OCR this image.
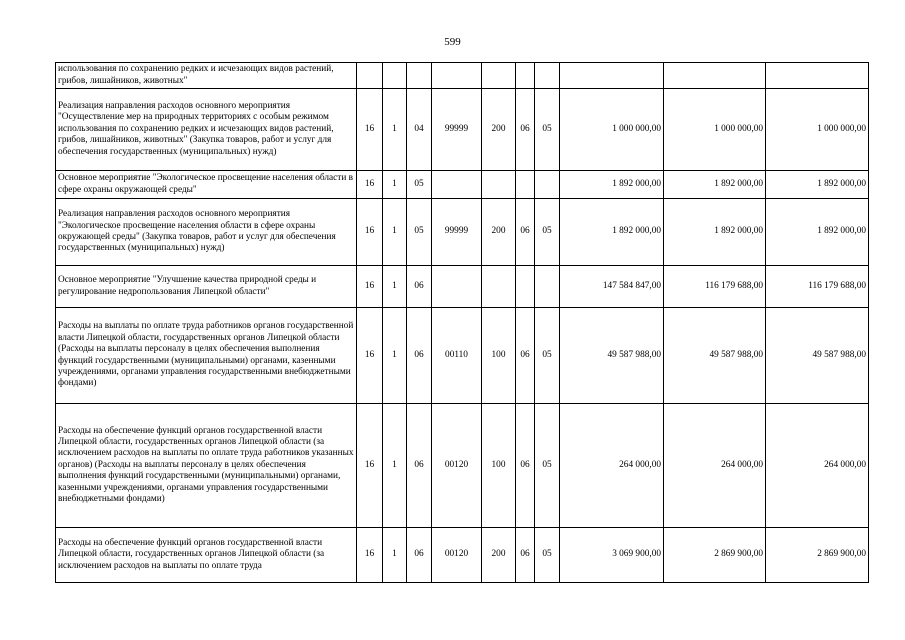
599
использования по сохранению редких и исчезающих видов растений, грибов, лишайников, животных"										
Реализация направления расходов основного мероприятия "Осуществление мер на природных территориях с особым режимом использования по сохранению редких и исчезающих видов растений, грибов, лишайников, животных" (Закупка товаров, работ и услуг для обеспечения государственных (муниципальных) нужд)	16	1	04	99999	200	06	05	1 000 000,00	1 000 000,00	1 000 000,00
Основное мероприятие "Экологическое просвещение населения области в сфере охраны окружающей среды"	16	1	05					1 892 000,00	1 892 000,00	1 892 000,00
Реализация направления расходов основного мероприятия "Экологическое просвещение населения области в сфере охраны окружающей среды" (Закупка товаров, работ и услуг для обеспечения государственных (муниципальных) нужд)	16	1	05	99999	200	06	05	1 892 000,00	1 892 000,00	1 892 000,00
Основное мероприятие "Улучшение качества природной среды и регулирование недропользования Липецкой области"	16	1	06					147 584 847,00	116 179 688,00	116 179 688,00
Расходы на выплаты по оплате труда работников органов государственной власти Липецкой области, государственных органов Липецкой области (Расходы на выплаты персоналу в целях обеспечения выполнения функций государственными (муниципальными) органами, казенными учреждениями, органами управления государственными внебюджетными фондами)	16	1	06	00110	100	06	05	49 587 988,00	49 587 988,00	49 587 988,00
Расходы на обеспечение функций органов государственной власти Липецкой области, государственных органов Липецкой области (за исключением расходов на выплаты по оплате труда работников указанных органов) (Расходы на выплаты персоналу в целях обеспечения выполнения функций государственными (муниципальными) органами, казенными учреждениями, органами управления государственными внебюджетными фондами)	16	1	06	00120	100	06	05	264 000,00	264 000,00	264 000,00
Расходы на обеспечение функций органов государственной власти Липецкой области, государственных органов Липецкой области (за исключением расходов на выплаты по оплате труда	16	1	06	00120	200	06	05	3 069 900,00	2 869 900,00	2 869 900,00
